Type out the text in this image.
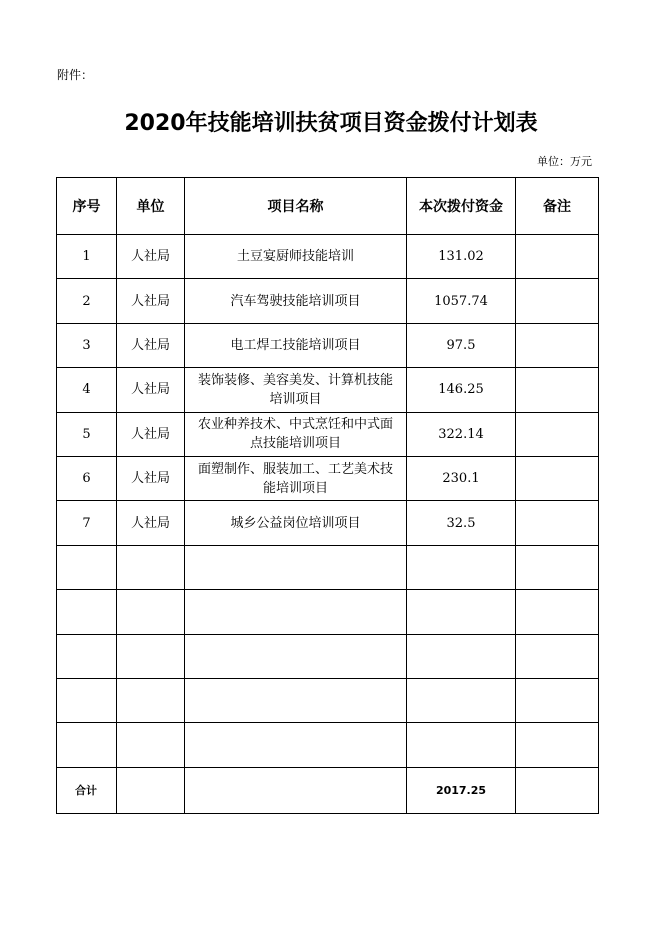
附件：
2020年技能培训扶贫项目资金拨付计划表
单位：万元
序号	单位	项目名称	本次拨付资金	备注
1	人社局	土豆宴厨师技能培训	131.02	
2	人社局	汽车驾驶技能培训项目	1057.74	
3	人社局	电工焊工技能培训项目	97.5	
4	人社局	装饰装修、美容美发、计算机技能培训项目	146.25	
5	人社局	农业种养技术、中式烹饪和中式面点技能培训项目	322.14	
6	人社局	面塑制作、服装加工、工艺美术技能培训项目	230.1	
7	人社局	城乡公益岗位培训项目	32.5	

合计			2017.25	
